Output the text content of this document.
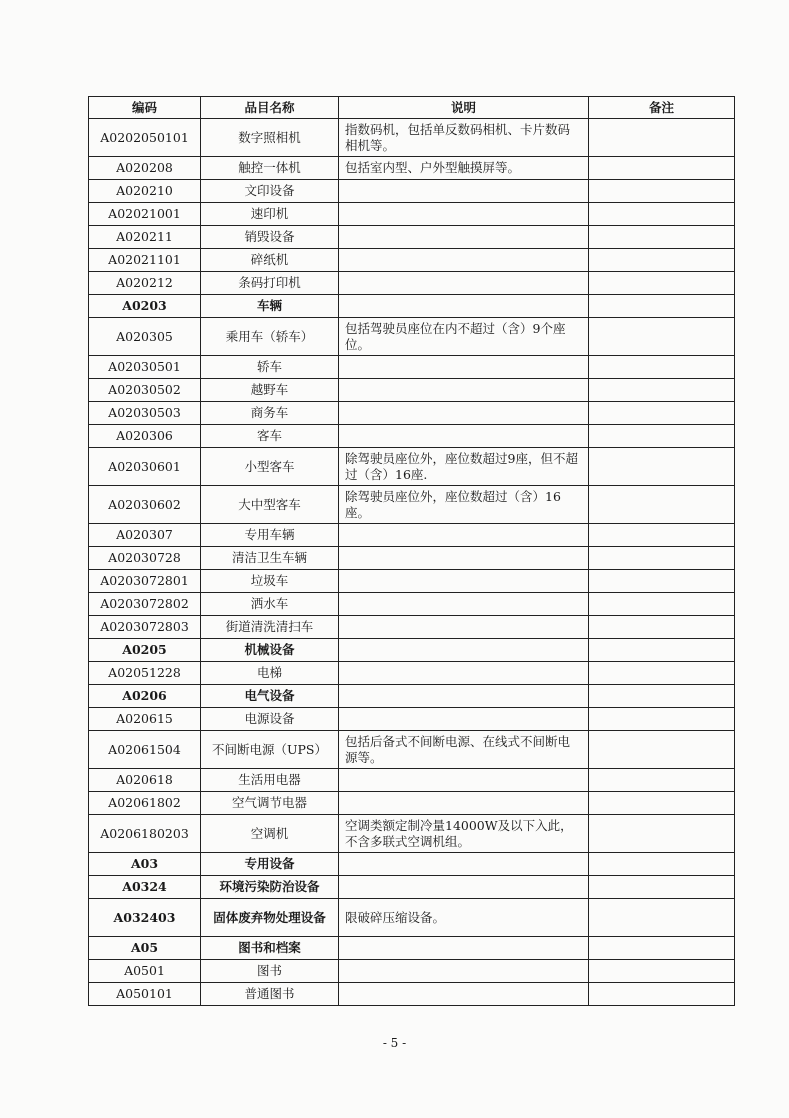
编码	品目名称	说明	备注
A0202050101	数字照相机	指数码机，包括单反数码相机、卡片数码相机等。	
A020208	触控一体机	包括室内型、户外型触摸屏等。	
A020210	文印设备		
A02021001	速印机		
A020211	销毁设备		
A02021101	碎纸机		
A020212	条码打印机		
A0203	车辆		
A020305	乘用车（轿车）	包括驾驶员座位在内不超过（含）9个座位。	
A02030501	轿车		
A02030502	越野车		
A02030503	商务车		
A020306	客车		
A02030601	小型客车	除驾驶员座位外，座位数超过9座，但不超过（含）16座.	
A02030602	大中型客车	除驾驶员座位外，座位数超过（含）16座。	
A020307	专用车辆		
A02030728	清洁卫生车辆		
A0203072801	垃圾车		
A0203072802	洒水车		
A0203072803	街道清洗清扫车		
A0205	机械设备		
A02051228	电梯		
A0206	电气设备		
A020615	电源设备		
A02061504	不间断电源（UPS）	包括后备式不间断电源、在线式不间断电源等。	
A020618	生活用电器		
A02061802	空气调节电器		
A0206180203	空调机	空调类额定制冷量14000W及以下入此，不含多联式空调机组。	
A03	专用设备		
A0324	环境污染防治设备		
A032403	固体废弃物处理设备	限破碎压缩设备。	
A05	图书和档案		
A0501	图书		
A050101	普通图书		
- 5 -
